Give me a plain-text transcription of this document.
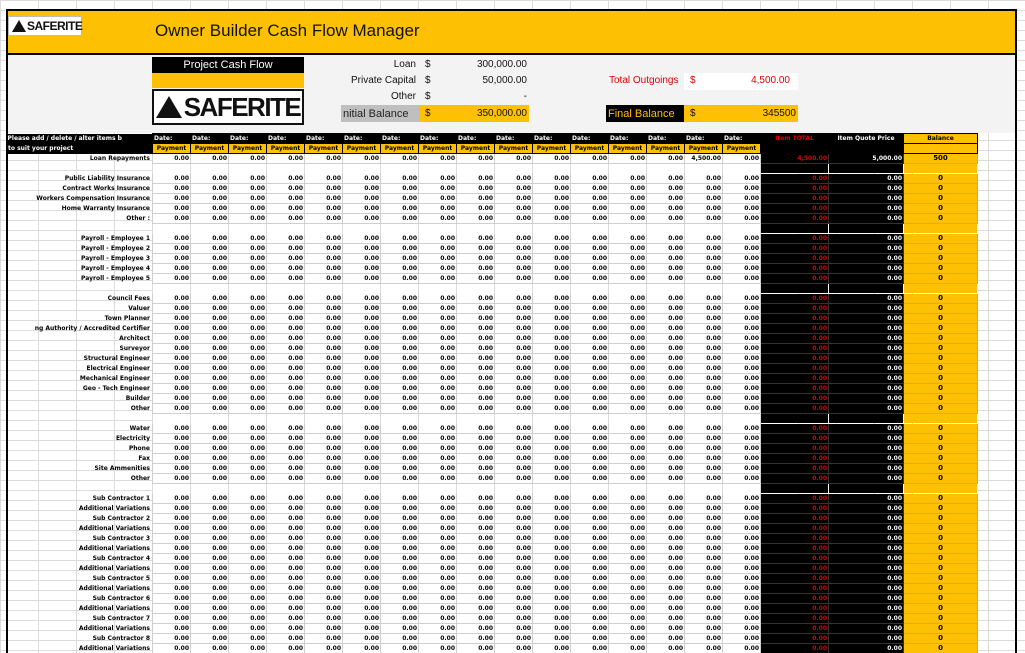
SAFERITE	Owner Builder Cash Flow Manager
Project Cash Flow
SAFERITE
Loan $	300,000.00
Private Capital $	50,000.00
Other $	-
nitial Balance $	350,000.00
Total Outgoings $	4,500.00
Final Balance $	345500
Please add / delete / alter items b	Date:	Date:	Date:	Date:	Date:	Date:	Date:	Date:	Date:	Date:	Date:	Date:	Date:	Date:	Date:	Date:	Item TOTAL	Item Quote Price	Balance
to suit your project	Payment	Payment	Payment	Payment	Payment	Payment	Payment	Payment	Payment	Payment	Payment	Payment	Payment	Payment	Payment	Payment			
Loan Repayments	0.00	0.00	0.00	0.00	0.00	0.00	0.00	0.00	0.00	0.00	0.00	0.00	0.00	0.00	4,500.00	0.00	4,500.00	5,000.00	500

Public Liability Insurance	0.00	0.00	0.00	0.00	0.00	0.00	0.00	0.00	0.00	0.00	0.00	0.00	0.00	0.00	0.00	0.00	0.00	0.00	0
Contract Works Insurance	0.00	0.00	0.00	0.00	0.00	0.00	0.00	0.00	0.00	0.00	0.00	0.00	0.00	0.00	0.00	0.00	0.00	0.00	0
Workers Compensation Insurance	0.00	0.00	0.00	0.00	0.00	0.00	0.00	0.00	0.00	0.00	0.00	0.00	0.00	0.00	0.00	0.00	0.00	0.00	0
Home Warranty Insurance	0.00	0.00	0.00	0.00	0.00	0.00	0.00	0.00	0.00	0.00	0.00	0.00	0.00	0.00	0.00	0.00	0.00	0.00	0
Other :	0.00	0.00	0.00	0.00	0.00	0.00	0.00	0.00	0.00	0.00	0.00	0.00	0.00	0.00	0.00	0.00	0.00	0.00	0

Payroll - Employee 1	0.00	0.00	0.00	0.00	0.00	0.00	0.00	0.00	0.00	0.00	0.00	0.00	0.00	0.00	0.00	0.00	0.00	0.00	0
Payroll - Employee 2	0.00	0.00	0.00	0.00	0.00	0.00	0.00	0.00	0.00	0.00	0.00	0.00	0.00	0.00	0.00	0.00	0.00	0.00	0
Payroll - Employee 3	0.00	0.00	0.00	0.00	0.00	0.00	0.00	0.00	0.00	0.00	0.00	0.00	0.00	0.00	0.00	0.00	0.00	0.00	0
Payroll - Employee 4	0.00	0.00	0.00	0.00	0.00	0.00	0.00	0.00	0.00	0.00	0.00	0.00	0.00	0.00	0.00	0.00	0.00	0.00	0
Payroll - Employee 5	0.00	0.00	0.00	0.00	0.00	0.00	0.00	0.00	0.00	0.00	0.00	0.00	0.00	0.00	0.00	0.00	0.00	0.00	0

Council Fees	0.00	0.00	0.00	0.00	0.00	0.00	0.00	0.00	0.00	0.00	0.00	0.00	0.00	0.00	0.00	0.00	0.00	0.00	0
Valuer	0.00	0.00	0.00	0.00	0.00	0.00	0.00	0.00	0.00	0.00	0.00	0.00	0.00	0.00	0.00	0.00	0.00	0.00	0
Town Planner	0.00	0.00	0.00	0.00	0.00	0.00	0.00	0.00	0.00	0.00	0.00	0.00	0.00	0.00	0.00	0.00	0.00	0.00	0
ng Authority / Accredited Certifier	0.00	0.00	0.00	0.00	0.00	0.00	0.00	0.00	0.00	0.00	0.00	0.00	0.00	0.00	0.00	0.00	0.00	0.00	0
Architect	0.00	0.00	0.00	0.00	0.00	0.00	0.00	0.00	0.00	0.00	0.00	0.00	0.00	0.00	0.00	0.00	0.00	0.00	0
Surveyor	0.00	0.00	0.00	0.00	0.00	0.00	0.00	0.00	0.00	0.00	0.00	0.00	0.00	0.00	0.00	0.00	0.00	0.00	0
Structural Engineer	0.00	0.00	0.00	0.00	0.00	0.00	0.00	0.00	0.00	0.00	0.00	0.00	0.00	0.00	0.00	0.00	0.00	0.00	0
Electrical Engineer	0.00	0.00	0.00	0.00	0.00	0.00	0.00	0.00	0.00	0.00	0.00	0.00	0.00	0.00	0.00	0.00	0.00	0.00	0
Mechanical Engineer	0.00	0.00	0.00	0.00	0.00	0.00	0.00	0.00	0.00	0.00	0.00	0.00	0.00	0.00	0.00	0.00	0.00	0.00	0
Geo - Tech Engineer	0.00	0.00	0.00	0.00	0.00	0.00	0.00	0.00	0.00	0.00	0.00	0.00	0.00	0.00	0.00	0.00	0.00	0.00	0
Builder	0.00	0.00	0.00	0.00	0.00	0.00	0.00	0.00	0.00	0.00	0.00	0.00	0.00	0.00	0.00	0.00	0.00	0.00	0
Other	0.00	0.00	0.00	0.00	0.00	0.00	0.00	0.00	0.00	0.00	0.00	0.00	0.00	0.00	0.00	0.00	0.00	0.00	0

Water	0.00	0.00	0.00	0.00	0.00	0.00	0.00	0.00	0.00	0.00	0.00	0.00	0.00	0.00	0.00	0.00	0.00	0.00	0
Electricity	0.00	0.00	0.00	0.00	0.00	0.00	0.00	0.00	0.00	0.00	0.00	0.00	0.00	0.00	0.00	0.00	0.00	0.00	0
Phone	0.00	0.00	0.00	0.00	0.00	0.00	0.00	0.00	0.00	0.00	0.00	0.00	0.00	0.00	0.00	0.00	0.00	0.00	0
Fax	0.00	0.00	0.00	0.00	0.00	0.00	0.00	0.00	0.00	0.00	0.00	0.00	0.00	0.00	0.00	0.00	0.00	0.00	0
Site Ammenities	0.00	0.00	0.00	0.00	0.00	0.00	0.00	0.00	0.00	0.00	0.00	0.00	0.00	0.00	0.00	0.00	0.00	0.00	0
Other	0.00	0.00	0.00	0.00	0.00	0.00	0.00	0.00	0.00	0.00	0.00	0.00	0.00	0.00	0.00	0.00	0.00	0.00	0

Sub Contractor 1	0.00	0.00	0.00	0.00	0.00	0.00	0.00	0.00	0.00	0.00	0.00	0.00	0.00	0.00	0.00	0.00	0.00	0.00	0
Additional Variations	0.00	0.00	0.00	0.00	0.00	0.00	0.00	0.00	0.00	0.00	0.00	0.00	0.00	0.00	0.00	0.00	0.00	0.00	0
Sub Contractor 2	0.00	0.00	0.00	0.00	0.00	0.00	0.00	0.00	0.00	0.00	0.00	0.00	0.00	0.00	0.00	0.00	0.00	0.00	0
Additional Variations	0.00	0.00	0.00	0.00	0.00	0.00	0.00	0.00	0.00	0.00	0.00	0.00	0.00	0.00	0.00	0.00	0.00	0.00	0
Sub Contractor 3	0.00	0.00	0.00	0.00	0.00	0.00	0.00	0.00	0.00	0.00	0.00	0.00	0.00	0.00	0.00	0.00	0.00	0.00	0
Additional Variations	0.00	0.00	0.00	0.00	0.00	0.00	0.00	0.00	0.00	0.00	0.00	0.00	0.00	0.00	0.00	0.00	0.00	0.00	0
Sub Contractor 4	0.00	0.00	0.00	0.00	0.00	0.00	0.00	0.00	0.00	0.00	0.00	0.00	0.00	0.00	0.00	0.00	0.00	0.00	0
Additional Variations	0.00	0.00	0.00	0.00	0.00	0.00	0.00	0.00	0.00	0.00	0.00	0.00	0.00	0.00	0.00	0.00	0.00	0.00	0
Sub Contractor 5	0.00	0.00	0.00	0.00	0.00	0.00	0.00	0.00	0.00	0.00	0.00	0.00	0.00	0.00	0.00	0.00	0.00	0.00	0
Additional Variations	0.00	0.00	0.00	0.00	0.00	0.00	0.00	0.00	0.00	0.00	0.00	0.00	0.00	0.00	0.00	0.00	0.00	0.00	0
Sub Contractor 6	0.00	0.00	0.00	0.00	0.00	0.00	0.00	0.00	0.00	0.00	0.00	0.00	0.00	0.00	0.00	0.00	0.00	0.00	0
Additional Variations	0.00	0.00	0.00	0.00	0.00	0.00	0.00	0.00	0.00	0.00	0.00	0.00	0.00	0.00	0.00	0.00	0.00	0.00	0
Sub Contractor 7	0.00	0.00	0.00	0.00	0.00	0.00	0.00	0.00	0.00	0.00	0.00	0.00	0.00	0.00	0.00	0.00	0.00	0.00	0
Additional Variations	0.00	0.00	0.00	0.00	0.00	0.00	0.00	0.00	0.00	0.00	0.00	0.00	0.00	0.00	0.00	0.00	0.00	0.00	0
Sub Contractor 8	0.00	0.00	0.00	0.00	0.00	0.00	0.00	0.00	0.00	0.00	0.00	0.00	0.00	0.00	0.00	0.00	0.00	0.00	0
Additional Variations	0.00	0.00	0.00	0.00	0.00	0.00	0.00	0.00	0.00	0.00	0.00	0.00	0.00	0.00	0.00	0.00	0.00	0.00	0
